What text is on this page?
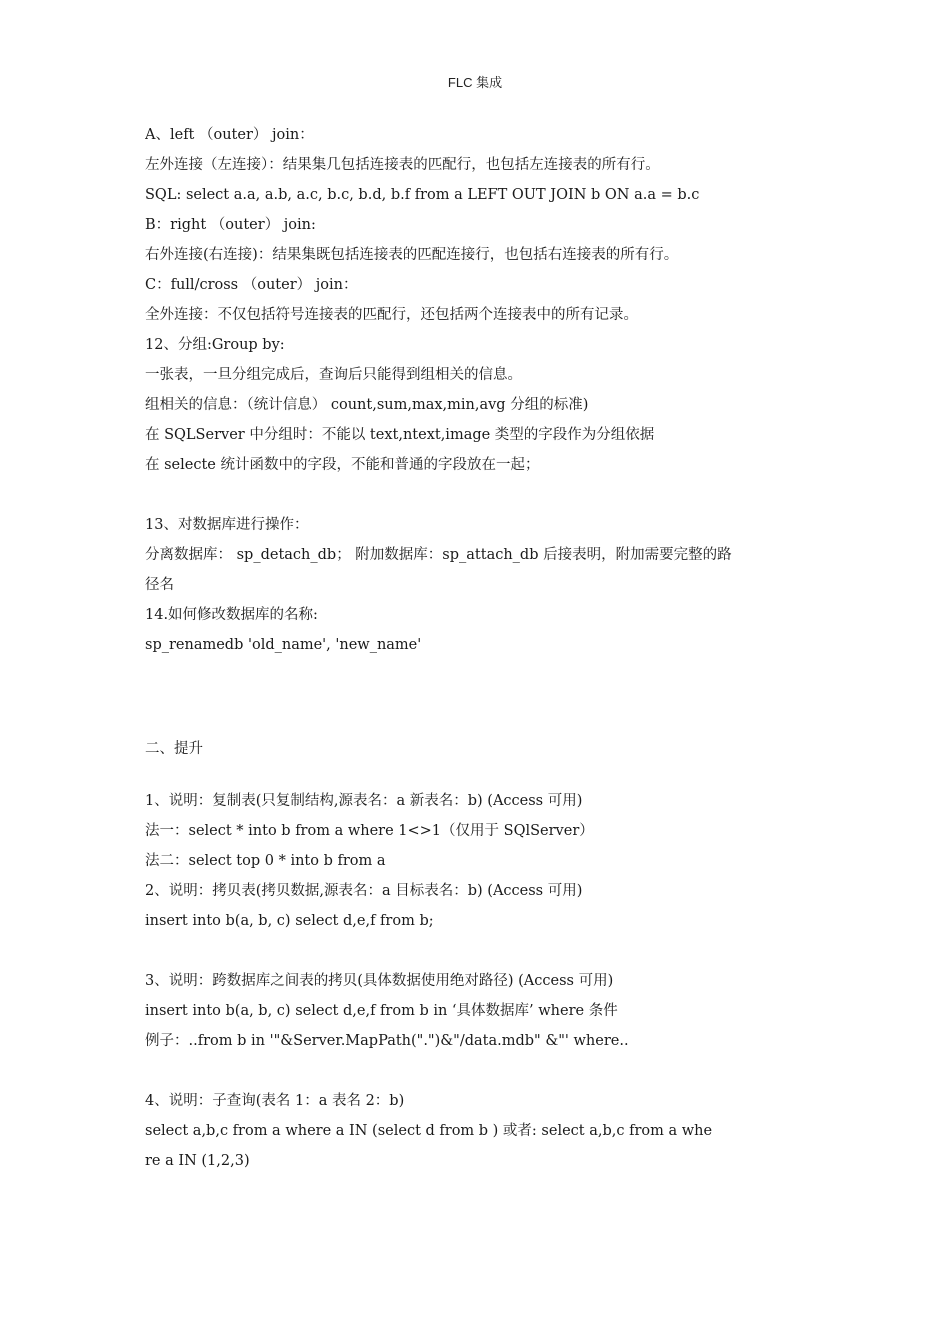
FLC 集成
A、left （outer） join：
左外连接（左连接）：结果集几包括连接表的匹配行，也包括左连接表的所有行。
SQL: select a.a, a.b, a.c, b.c, b.d, b.f from a LEFT OUT JOIN b ON a.a = b.c
B：right （outer） join:
右外连接(右连接)：结果集既包括连接表的匹配连接行，也包括右连接表的所有行。
C：full/cross （outer） join：
全外连接：不仅包括符号连接表的匹配行，还包括两个连接表中的所有记录。
12、分组:Group by:
一张表，一旦分组完成后，查询后只能得到组相关的信息。
组相关的信息：（统计信息） count,sum,max,min,avg 分组的标准)
在 SQLServer 中分组时：不能以 text,ntext,image 类型的字段作为分组依据
在 selecte 统计函数中的字段，不能和普通的字段放在一起；
13、对数据库进行操作：
分离数据库： sp_detach_db； 附加数据库：sp_attach_db 后接表明，附加需要完整的路
径名
14.如何修改数据库的名称:
sp_renamedb 'old_name', 'new_name'
二、提升
1、说明：复制表(只复制结构,源表名：a 新表名：b) (Access 可用)
法一：select * into b from a where 1<>1（仅用于 SQlServer）
法二：select top 0 * into b from a
2、说明：拷贝表(拷贝数据,源表名：a 目标表名：b) (Access 可用)
insert into b(a, b, c) select d,e,f from b;
3、说明：跨数据库之间表的拷贝(具体数据使用绝对路径) (Access 可用)
insert into b(a, b, c) select d,e,f from b in ‘具体数据库’ where 条件
例子：..from b in '"&Server.MapPath(".")&"/data.mdb" &"' where..
4、说明：子查询(表名 1：a 表名 2：b)
select a,b,c from a where a IN (select d from b ) 或者: select a,b,c from a whe
re a IN (1,2,3)
